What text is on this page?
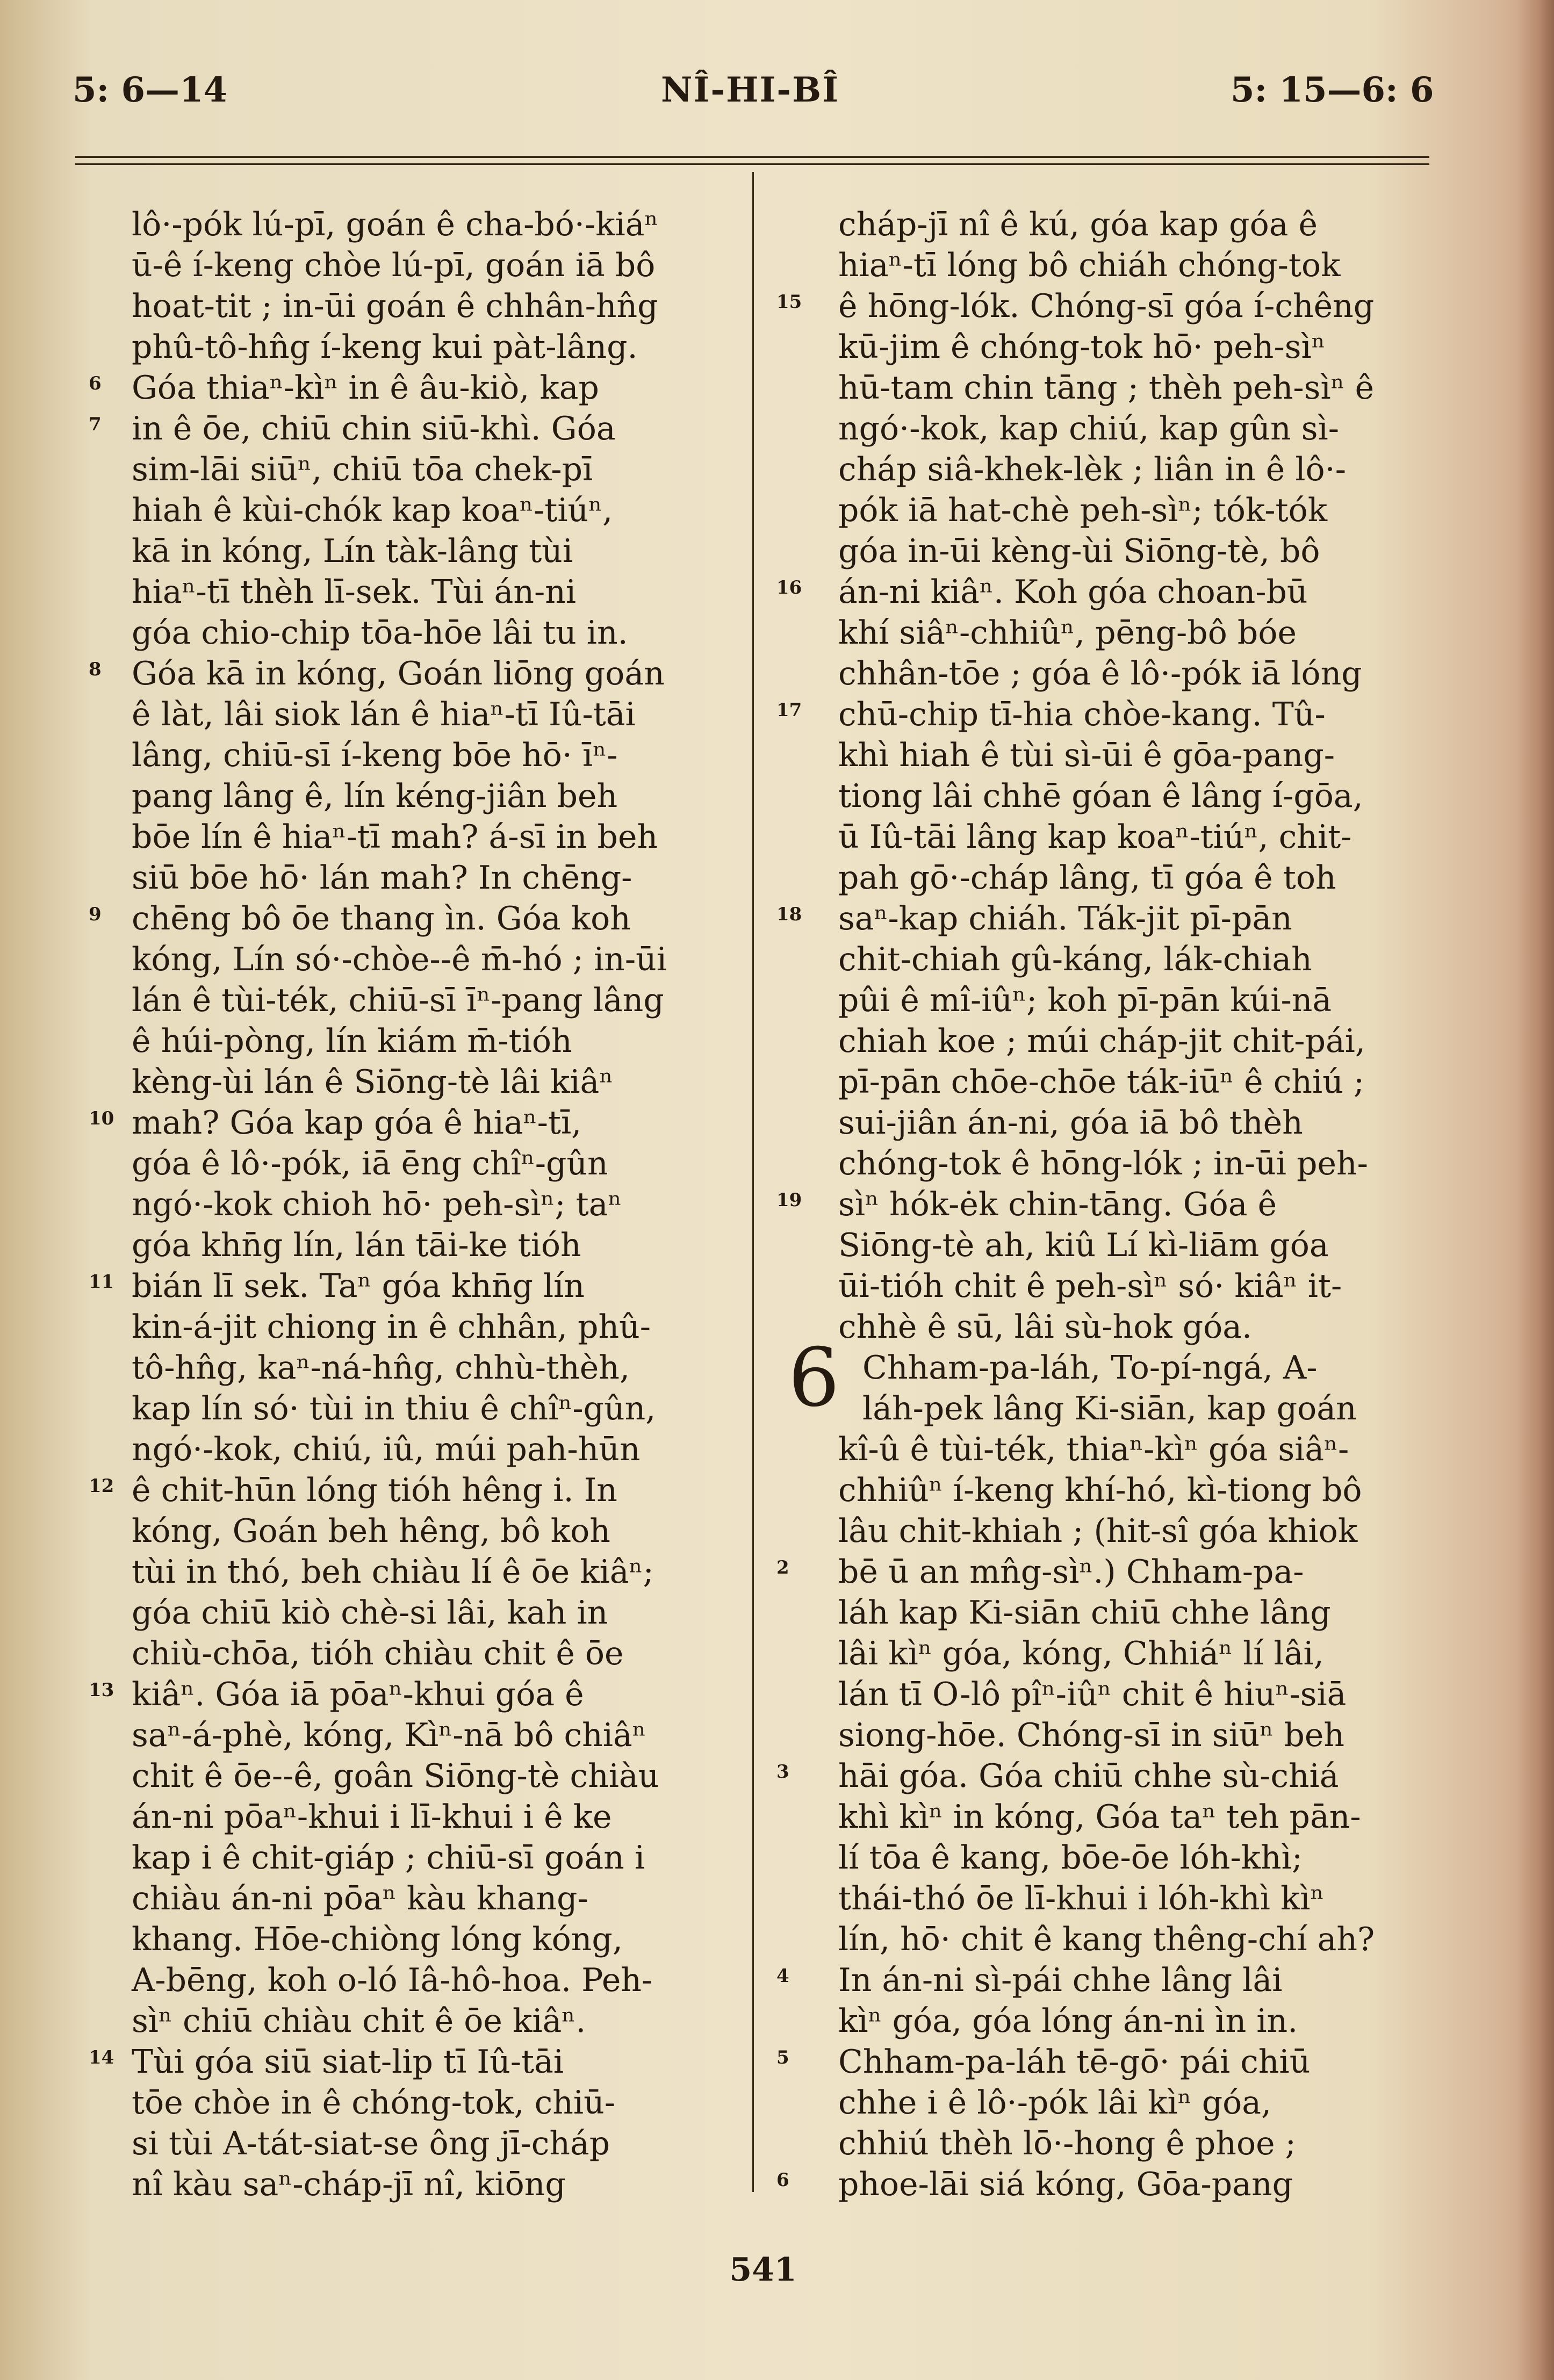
5: 6—14	NÎ-HI-BÎ	5: 15—6: 6
lô·-pók lú-pī, goán ê cha-bó·-kiáⁿ
ū-ê í-keng chòe lú-pī, goán iā bô
hoat-tit ; in-ūi goán ê chhân-hn̂g
phû-tô-hn̂g í-keng kui pàt-lâng.
6 Góa thiaⁿ-kìⁿ in ê âu-kiò, kap
7 in ê ōe, chiū chin siū-khì. Góa
sim-lāi siūⁿ, chiū tōa chek-pī
hiah ê kùi-chók kap koaⁿ-tiúⁿ,
kā in kóng, Lín tàk-lâng tùi
hiaⁿ-tī thèh lī-sek. Tùi án-ni
góa chio-chip tōa-hōe lâi tu in.
8 Góa kā in kóng, Goán liōng goán
ê làt, lâi siok lán ê hiaⁿ-tī Iû-tāi
lâng, chiū-sī í-keng bōe hō· īⁿ-
pang lâng ê, lín kéng-jiân beh
bōe lín ê hiaⁿ-tī mah? á-sī in beh
siū bōe hō· lán mah? In chēng-
9 chēng bô ōe thang ìn. Góa koh
kóng, Lín só·-chòe--ê m̄-hó ; in-ūi
lán ê tùi-ték, chiū-sī īⁿ-pang lâng
ê húi-pòng, lín kiám m̄-tióh
kèng-ùi lán ê Siōng-tè lâi kiâⁿ
10 mah? Góa kap góa ê hiaⁿ-tī,
góa ê lô·-pók, iā ēng chîⁿ-gûn
ngó·-kok chioh hō· peh-sìⁿ; taⁿ
góa khn̄g lín, lán tāi-ke tióh
11 bián lī sek. Taⁿ góa khn̄g lín
kin-á-jit chiong in ê chhân, phû-
tô-hn̂g, kaⁿ-ná-hn̂g, chhù-thèh,
kap lín só· tùi in thiu ê chîⁿ-gûn,
ngó·-kok, chiú, iû, múi pah-hūn
12 ê chit-hūn lóng tióh hêng i. In
kóng, Goán beh hêng, bô koh
tùi in thó, beh chiàu lí ê ōe kiâⁿ;
góa chiū kiò chè-si lâi, kah in
chiù-chōa, tióh chiàu chit ê ōe
13 kiâⁿ. Góa iā pōaⁿ-khui góa ê
saⁿ-á-phè, kóng, Kìⁿ-nā bô chiâⁿ
chit ê ōe--ê, goân Siōng-tè chiàu
án-ni pōaⁿ-khui i lī-khui i ê ke
kap i ê chit-giáp ; chiū-sī goán i
chiàu án-ni pōaⁿ kàu khang-
khang. Hōe-chiòng lóng kóng,
A-bēng, koh o-ló Iâ-hô-hoa. Peh-
sìⁿ chiū chiàu chit ê ōe kiâⁿ.
14 Tùi góa siū siat-lip tī Iû-tāi
tōe chòe in ê chóng-tok, chiū-
si tùi A-tát-siat-se ông jī-cháp
nî kàu saⁿ-cháp-jī nî, kiōng
cháp-jī nî ê kú, góa kap góa ê
hiaⁿ-tī lóng bô chiáh chóng-tok
15 ê hōng-lók. Chóng-sī góa í-chêng
kū-jim ê chóng-tok hō· peh-sìⁿ
hū-tam chin tāng ; thèh peh-sìⁿ ê
ngó·-kok, kap chiú, kap gûn sì-
cháp siâ-khek-lèk ; liân in ê lô·-
pók iā hat-chè peh-sìⁿ; tók-tók
góa in-ūi kèng-ùi Siōng-tè, bô
16 án-ni kiâⁿ. Koh góa choan-bū
khí siâⁿ-chhiûⁿ, pēng-bô bóe
chhân-tōe ; góa ê lô·-pók iā lóng
17 chū-chip tī-hia chòe-kang. Tû-
khì hiah ê tùi sì-ūi ê gōa-pang-
tiong lâi chhē góan ê lâng í-gōa,
ū Iû-tāi lâng kap koaⁿ-tiúⁿ, chit-
pah gō·-cháp lâng, tī góa ê toh
18 saⁿ-kap chiáh. Ták-jit pī-pān
chit-chiah gû-káng, lák-chiah
pûi ê mî-iûⁿ; koh pī-pān kúi-nā
chiah koe ; múi cháp-jit chit-pái,
pī-pān chōe-chōe ták-iūⁿ ê chiú ;
sui-jiân án-ni, góa iā bô thèh
chóng-tok ê hōng-lók ; in-ūi peh-
19 sìⁿ hók-ėk chin-tāng. Góa ê
Siōng-tè ah, kiû Lí kì-liām góa
ūi-tióh chit ê peh-sìⁿ só· kiâⁿ it-
chhè ê sū, lâi sù-hok góa.
Chham-pa-láh, To-pí-ngá, A-
láh-pek lâng Ki-siān, kap goán
kî-û ê tùi-ték, thiaⁿ-kìⁿ góa siâⁿ-
chhiûⁿ í-keng khí-hó, kì-tiong bô
lâu chit-khiah ; (hit-sî góa khiok
2 bē ū an mn̂g-sìⁿ.) Chham-pa-
láh kap Ki-siān chiū chhe lâng
lâi kìⁿ góa, kóng, Chhiáⁿ lí lâi,
lán tī O-lô pîⁿ-iûⁿ chit ê hiuⁿ-siā
siong-hōe. Chóng-sī in siūⁿ beh
3 hāi góa. Góa chiū chhe sù-chiá
khì kìⁿ in kóng, Góa taⁿ teh pān-
lí tōa ê kang, bōe-ōe lóh-khì;
thái-thó ōe lī-khui i lóh-khì kìⁿ
lín, hō· chit ê kang thêng-chí ah?
4 In án-ni sì-pái chhe lâng lâi
kìⁿ góa, góa lóng án-ni ìn in.
5 Chham-pa-láh tē-gō· pái chiū
chhe i ê lô·-pók lâi kìⁿ góa,
chhiú thèh lō·-hong ê phoe ;
6 phoe-lāi siá kóng, Gōa-pang
6
541
